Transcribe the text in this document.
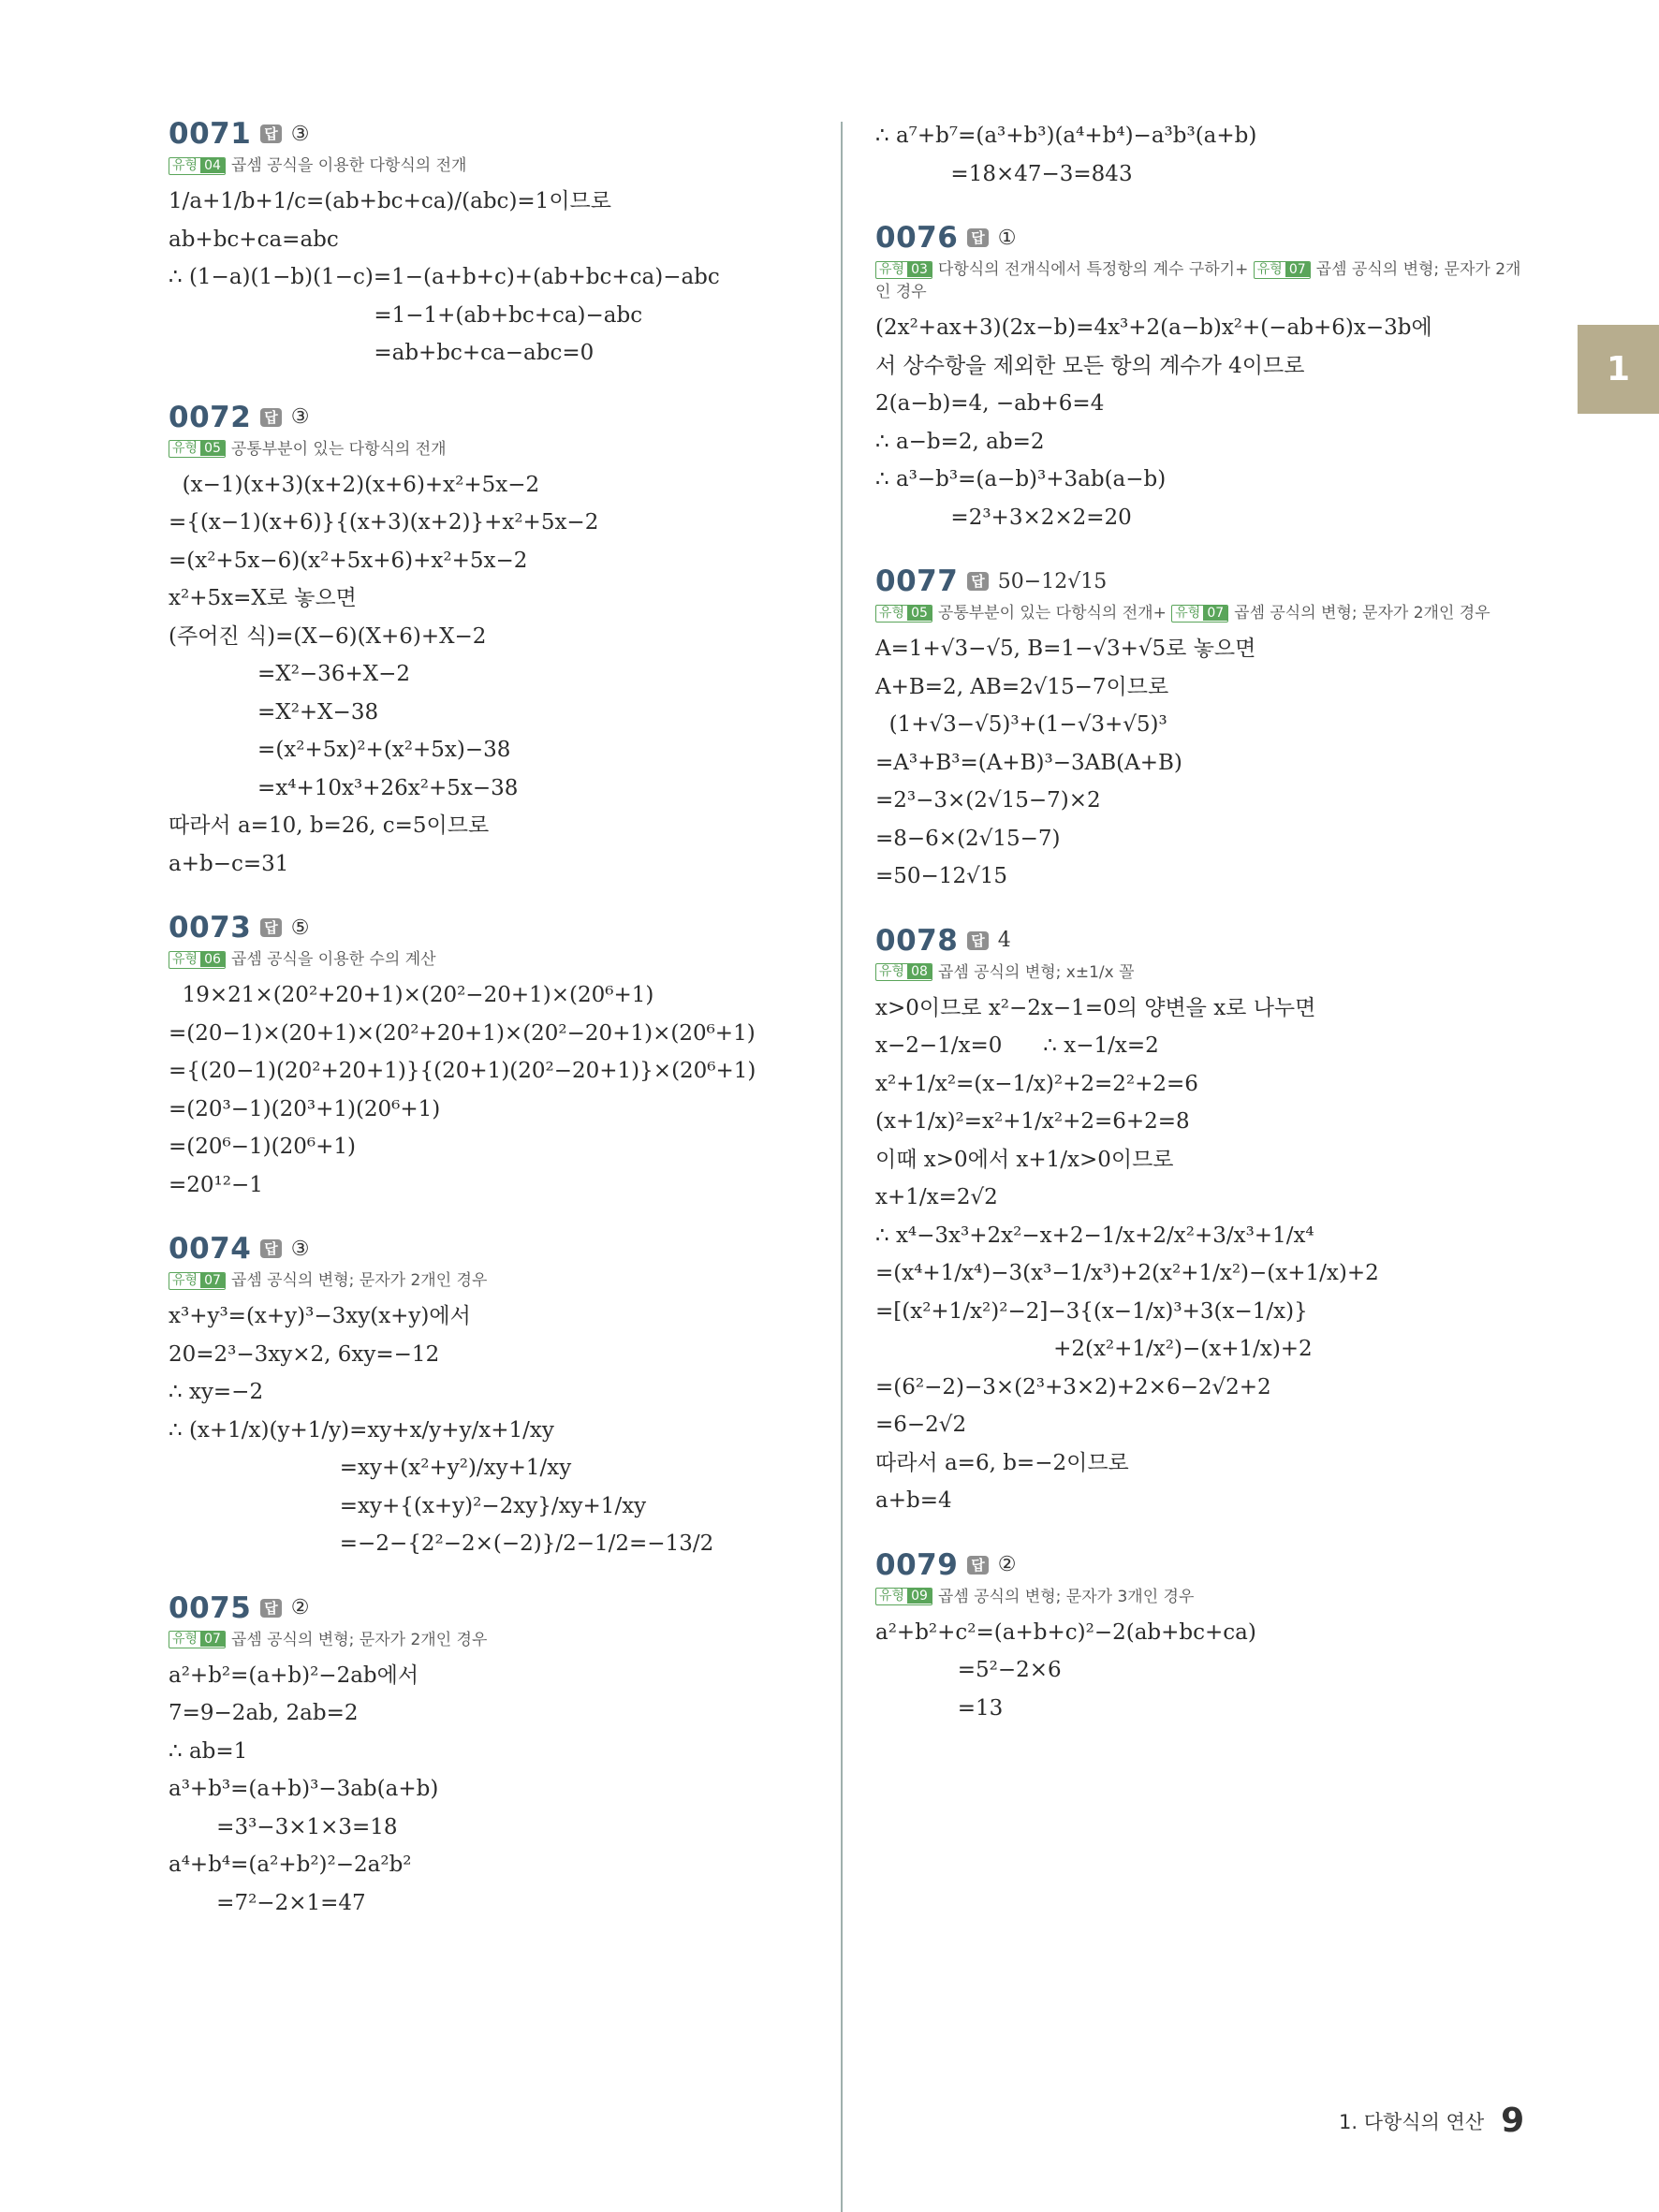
0071 답 ③
유형 04 곱셈 공식을 이용한 다항식의 전개
1/a+1/b+1/c=(ab+bc+ca)/(abc)=1이므로
ab+bc+ca=abc
∴ (1−a)(1−b)(1−c)=1−(a+b+c)+(ab+bc+ca)−abc
=1−1+(ab+bc+ca)−abc
=ab+bc+ca−abc=0
0072 답 ③
유형 05 공통부분이 있는 다항식의 전개
(x−1)(x+3)(x+2)(x+6)+x²+5x−2
={(x−1)(x+6)}{(x+3)(x+2)}+x²+5x−2
=(x²+5x−6)(x²+5x+6)+x²+5x−2
x²+5x=X로 놓으면
(주어진 식)=(X−6)(X+6)+X−2
=X²−36+X−2
=X²+X−38
=(x²+5x)²+(x²+5x)−38
=x⁴+10x³+26x²+5x−38
따라서 a=10, b=26, c=5이므로
a+b−c=31
0073 답 ⑤
유형 06 곱셈 공식을 이용한 수의 계산
19×21×(20²+20+1)×(20²−20+1)×(20⁶+1)
=(20−1)×(20+1)×(20²+20+1)×(20²−20+1)×(20⁶+1)
={(20−1)(20²+20+1)}{(20+1)(20²−20+1)}×(20⁶+1)
=(20³−1)(20³+1)(20⁶+1)
=(20⁶−1)(20⁶+1)
=20¹²−1
0074 답 ③
유형 07 곱셈 공식의 변형; 문자가 2개인 경우
x³+y³=(x+y)³−3xy(x+y)에서
20=2³−3xy×2, 6xy=−12
∴ xy=−2
∴ (x+1/x)(y+1/y)=xy+x/y+y/x+1/xy
=xy+(x²+y²)/xy+1/xy
=xy+{(x+y)²−2xy}/xy+1/xy
=−2−{2²−2×(−2)}/2−1/2=−13/2
0075 답 ②
유형 07 곱셈 공식의 변형; 문자가 2개인 경우
a²+b²=(a+b)²−2ab에서
7=9−2ab, 2ab=2
∴ ab=1
a³+b³=(a+b)³−3ab(a+b)
=3³−3×1×3=18
a⁴+b⁴=(a²+b²)²−2a²b²
=7²−2×1=47
∴ a⁷+b⁷=(a³+b³)(a⁴+b⁴)−a³b³(a+b)
=18×47−3=843
0076 답 ①
유형 03 다항식의 전개식에서 특정항의 계수 구하기+ 유형 07 곱셈 공식의 변형; 문자가 2개인 경우
(2x²+ax+3)(2x−b)=4x³+2(a−b)x²+(−ab+6)x−3b에
서 상수항을 제외한 모든 항의 계수가 4이므로
2(a−b)=4, −ab+6=4
∴ a−b=2, ab=2
∴ a³−b³=(a−b)³+3ab(a−b)
=2³+3×2×2=20
0077 답 50−12√15
유형 05 공통부분이 있는 다항식의 전개+ 유형 07 곱셈 공식의 변형; 문자가 2개인 경우
A=1+√3−√5, B=1−√3+√5로 놓으면
A+B=2, AB=2√15−7이므로
(1+√3−√5)³+(1−√3+√5)³
=A³+B³=(A+B)³−3AB(A+B)
=2³−3×(2√15−7)×2
=8−6×(2√15−7)
=50−12√15
0078 답 4
유형 08 곱셈 공식의 변형; x±1/x 꼴
x>0이므로 x²−2x−1=0의 양변을 x로 나누면
x−2−1/x=0      ∴ x−1/x=2
x²+1/x²=(x−1/x)²+2=2²+2=6
(x+1/x)²=x²+1/x²+2=6+2=8
이때 x>0에서 x+1/x>0이므로
x+1/x=2√2
∴ x⁴−3x³+2x²−x+2−1/x+2/x²+3/x³+1/x⁴
=(x⁴+1/x⁴)−3(x³−1/x³)+2(x²+1/x²)−(x+1/x)+2
=[(x²+1/x²)²−2]−3{(x−1/x)³+3(x−1/x)}
+2(x²+1/x²)−(x+1/x)+2
=(6²−2)−3×(2³+3×2)+2×6−2√2+2
=6−2√2
따라서 a=6, b=−2이므로
a+b=4
0079 답 ②
유형 09 곱셈 공식의 변형; 문자가 3개인 경우
a²+b²+c²=(a+b+c)²−2(ab+bc+ca)
=5²−2×6
=13
1
1. 다항식의 연산 9
